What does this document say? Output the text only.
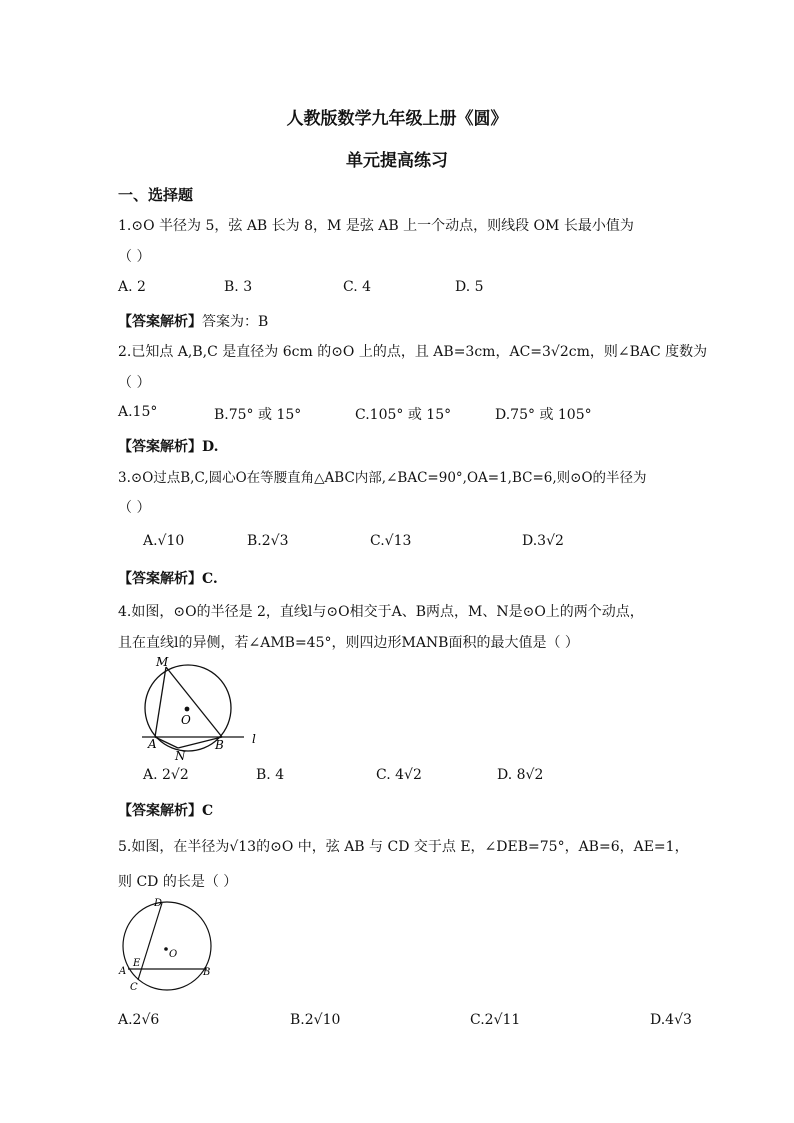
人教版数学九年级上册《圆》
单元提高练习
一、选择题
1.⊙O 半径为 5，弦 AB 长为 8，M 是弦 AB 上一个动点，则线段 OM 长最小值为
（ ）
A. 2	B. 3	C. 4	D. 5
【答案解析】答案为：B
2.已知点 A,B,C 是直径为 6cm 的⊙O 上的点，且 AB=3cm，AC=3√2cm，则∠BAC 度数为
（ ）
A.15°	B.75° 或 15°	C.105° 或 15°	D.75° 或 105°
【答案解析】D.
3.⊙O过点B,C,圆心O在等腰直角△ABC内部,∠BAC=90°,OA=1,BC=6,则⊙O的半径为
（ ）
A.√10	B.2√3	C.√13	D.3√2
【答案解析】C.
4.如图，⊙O的半径是 2，直线l与⊙O相交于A、B两点，M、N是⊙O上的两个动点，
且在直线l的异侧，若∠AMB=45°，则四边形MANB面积的最大值是（ ）
M
O
A
N
B l
A. 2√2	B. 4	C. 4√2	D. 8√2
【答案解析】C
5.如图，在半径为√13的⊙O 中，弦 AB 与 CD 交于点 E，∠DEB=75°，AB=6，AE=1，
则 CD 的长是（ ）
D
O
A
E
B
C
A.2√6	B.2√10	C.2√11	D.4√3
